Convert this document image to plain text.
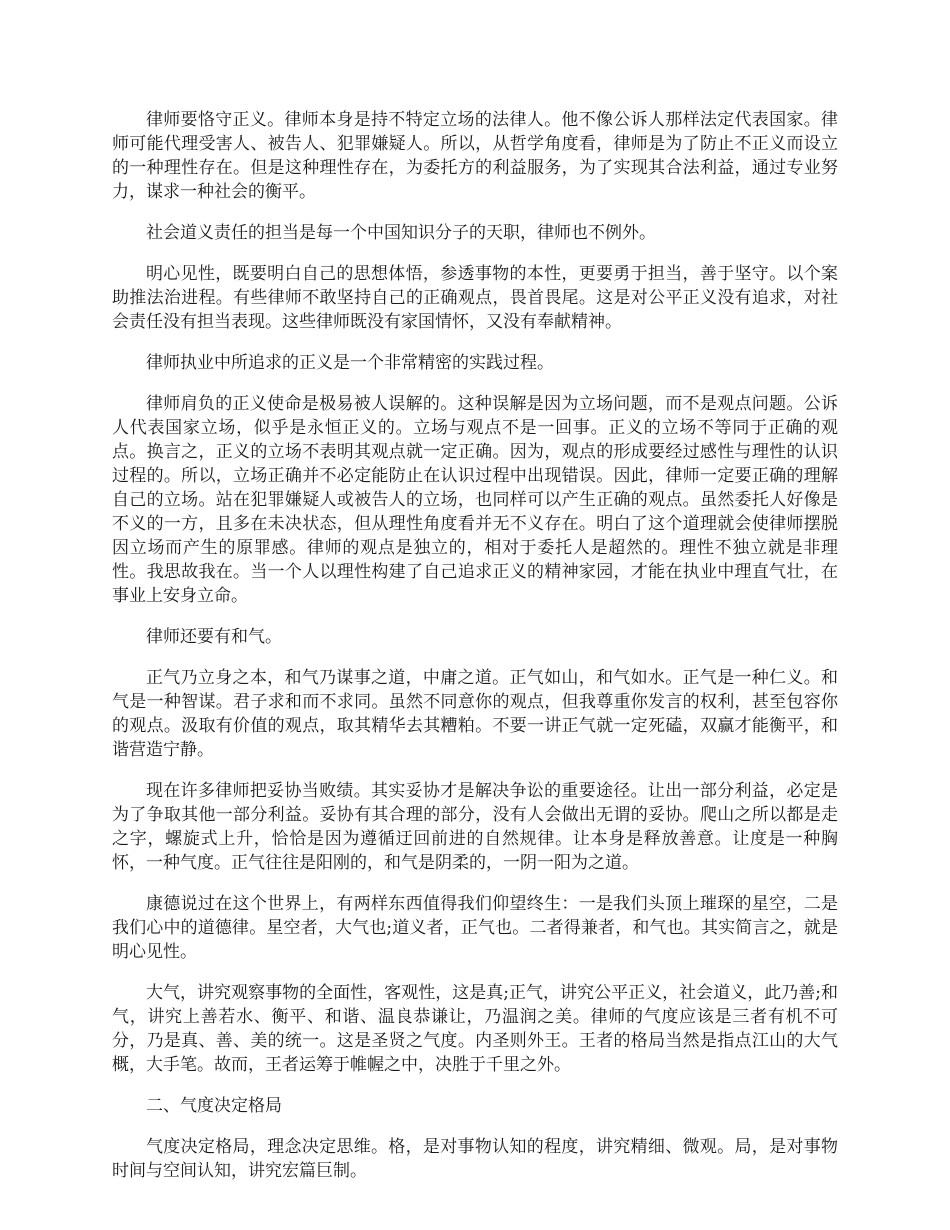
律师要恪守正义。律师本身是持不特定立场的法律人。他不像公诉人那样法定代表国家。律师可能代理受害人、被告人、犯罪嫌疑人。所以，从哲学角度看，律师是为了防止不正义而设立的一种理性存在。但是这种理性存在，为委托方的利益服务，为了实现其合法利益，通过专业努力，谋求一种社会的衡平。

社会道义责任的担当是每一个中国知识分子的天职，律师也不例外。

明心见性，既要明白自己的思想体悟，参透事物的本性，更要勇于担当，善于坚守。以个案助推法治进程。有些律师不敢坚持自己的正确观点，畏首畏尾。这是对公平正义没有追求，对社会责任没有担当表现。这些律师既没有家国情怀，又没有奉献精神。

律师执业中所追求的正义是一个非常精密的实践过程。

律师肩负的正义使命是极易被人误解的。这种误解是因为立场问题，而不是观点问题。公诉人代表国家立场，似乎是永恒正义的。立场与观点不是一回事。正义的立场不等同于正确的观点。换言之，正义的立场不表明其观点就一定正确。因为，观点的形成要经过感性与理性的认识过程的。所以，立场正确并不必定能防止在认识过程中出现错误。因此，律师一定要正确的理解自己的立场。站在犯罪嫌疑人或被告人的立场，也同样可以产生正确的观点。虽然委托人好像是不义的一方，且多在未决状态，但从理性角度看并无不义存在。明白了这个道理就会使律师摆脱因立场而产生的原罪感。律师的观点是独立的，相对于委托人是超然的。理性不独立就是非理性。我思故我在。当一个人以理性构建了自己追求正义的精神家园，才能在执业中理直气壮，在事业上安身立命。

律师还要有和气。

正气乃立身之本，和气乃谋事之道，中庸之道。正气如山，和气如水。正气是一种仁义。和气是一种智谋。君子求和而不求同。虽然不同意你的观点，但我尊重你发言的权利，甚至包容你的观点。汲取有价值的观点，取其精华去其糟粕。不要一讲正气就一定死磕，双赢才能衡平，和谐营造宁静。

现在许多律师把妥协当败绩。其实妥协才是解决争讼的重要途径。让出一部分利益，必定是为了争取其他一部分利益。妥协有其合理的部分，没有人会做出无谓的妥协。爬山之所以都是走之字，螺旋式上升，恰恰是因为遵循迂回前进的自然规律。让本身是释放善意。让度是一种胸怀，一种气度。正气往往是阳刚的，和气是阴柔的，一阴一阳为之道。

康德说过在这个世界上，有两样东西值得我们仰望终生：一是我们头顶上璀琛的星空，二是我们心中的道德律。星空者，大气也;道义者，正气也。二者得兼者，和气也。其实简言之，就是明心见性。

大气，讲究观察事物的全面性，客观性，这是真;正气，讲究公平正义，社会道义，此乃善;和气，讲究上善若水、衡平、和谐、温良恭谦让，乃温润之美。律师的气度应该是三者有机不可分，乃是真、善、美的统一。这是圣贤之气度。内圣则外王。王者的格局当然是指点江山的大气概，大手笔。故而，王者运筹于帷幄之中，决胜于千里之外。

二、气度决定格局

气度决定格局，理念决定思维。格，是对事物认知的程度，讲究精细、微观。局，是对事物时间与空间认知，讲究宏篇巨制。
